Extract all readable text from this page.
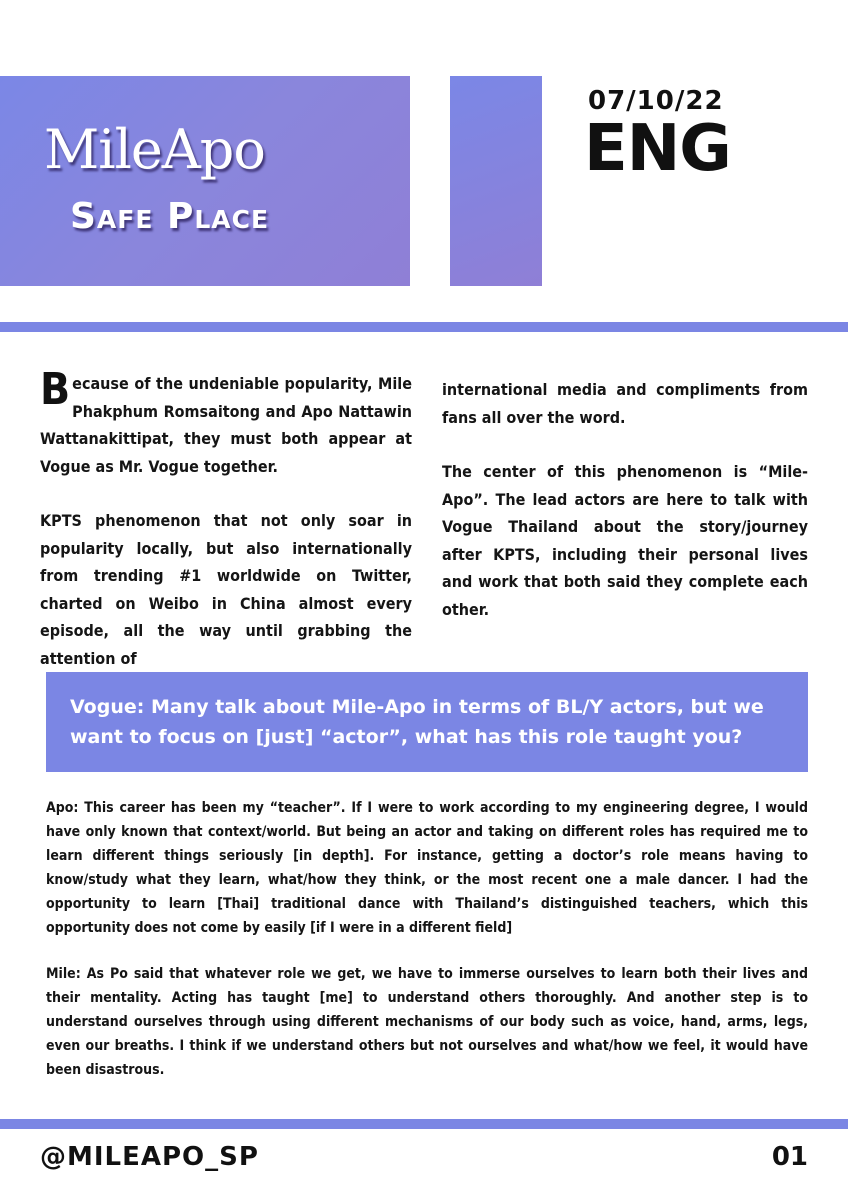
MileApo
Safe Place
07/10/22
ENG

Because of the undeniable popularity, Mile Phakphum Romsaitong and Apo Nattawin Wattanakittipat, they must both appear at Vogue as Mr. Vogue together.

KPTS phenomenon that not only soar in popularity locally, but also internationally from trending #1 worldwide on Twitter, charted on Weibo in China almost every episode, all the way until grabbing the attention of

international media and compliments from fans all over the word.

The center of this phenomenon is “Mile-Apo”. The lead actors are here to talk with Vogue Thailand about the story/journey after KPTS, including their personal lives and work that both said they complete each other.

Vogue: Many talk about Mile-Apo in terms of BL/Y actors, but we want to focus on [just] “actor”, what has this role taught you?
Apo: This career has been my “teacher”. If I were to work according to my engineering degree, I would have only known that context/world. But being an actor and taking on different roles has required me to learn different things seriously [in depth]. For instance, getting a doctor’s role means having to know/study what they learn, what/how they think, or the most recent one a male dancer. I had the opportunity to learn [Thai] traditional dance with Thailand’s distinguished teachers, which this opportunity does not come by easily [if I were in a different field]
Mile: As Po said that whatever role we get, we have to immerse ourselves to learn both their lives and their mentality. Acting has taught [me] to understand others thoroughly. And another step is to understand ourselves through using different mechanisms of our body such as voice, hand, arms, legs, even our breaths. I think if we understand others but not ourselves and what/how we feel, it would have been disastrous.
@MILEAPO_SP	01
